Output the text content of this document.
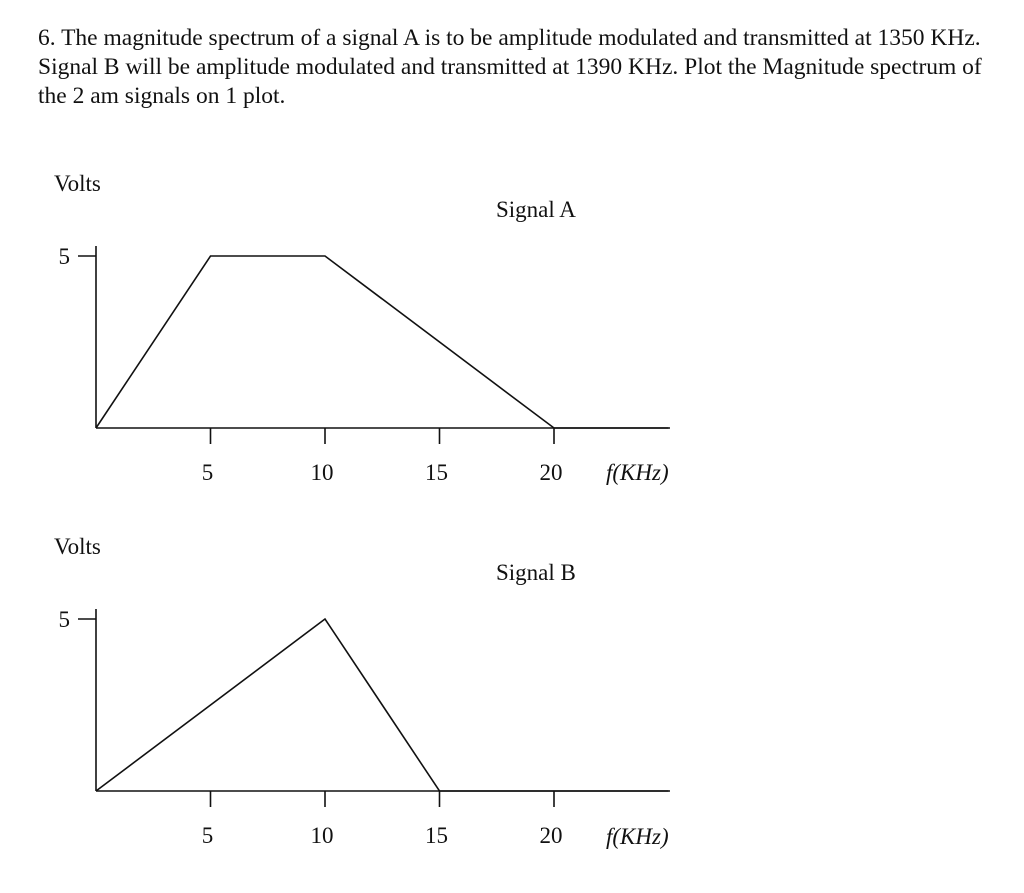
6. The magnitude spectrum of a signal A is to be amplitude modulated and transmitted at 1350 KHz. Signal B will be amplitude modulated and transmitted at 1390 KHz. Plot the Magnitude spectrum of the 2 am signals on 1 plot.

Volts
Signal A
f(KHz)
5
5	10	15	20
Volts
Signal B
f(KHz)
5
5	10	15	20
